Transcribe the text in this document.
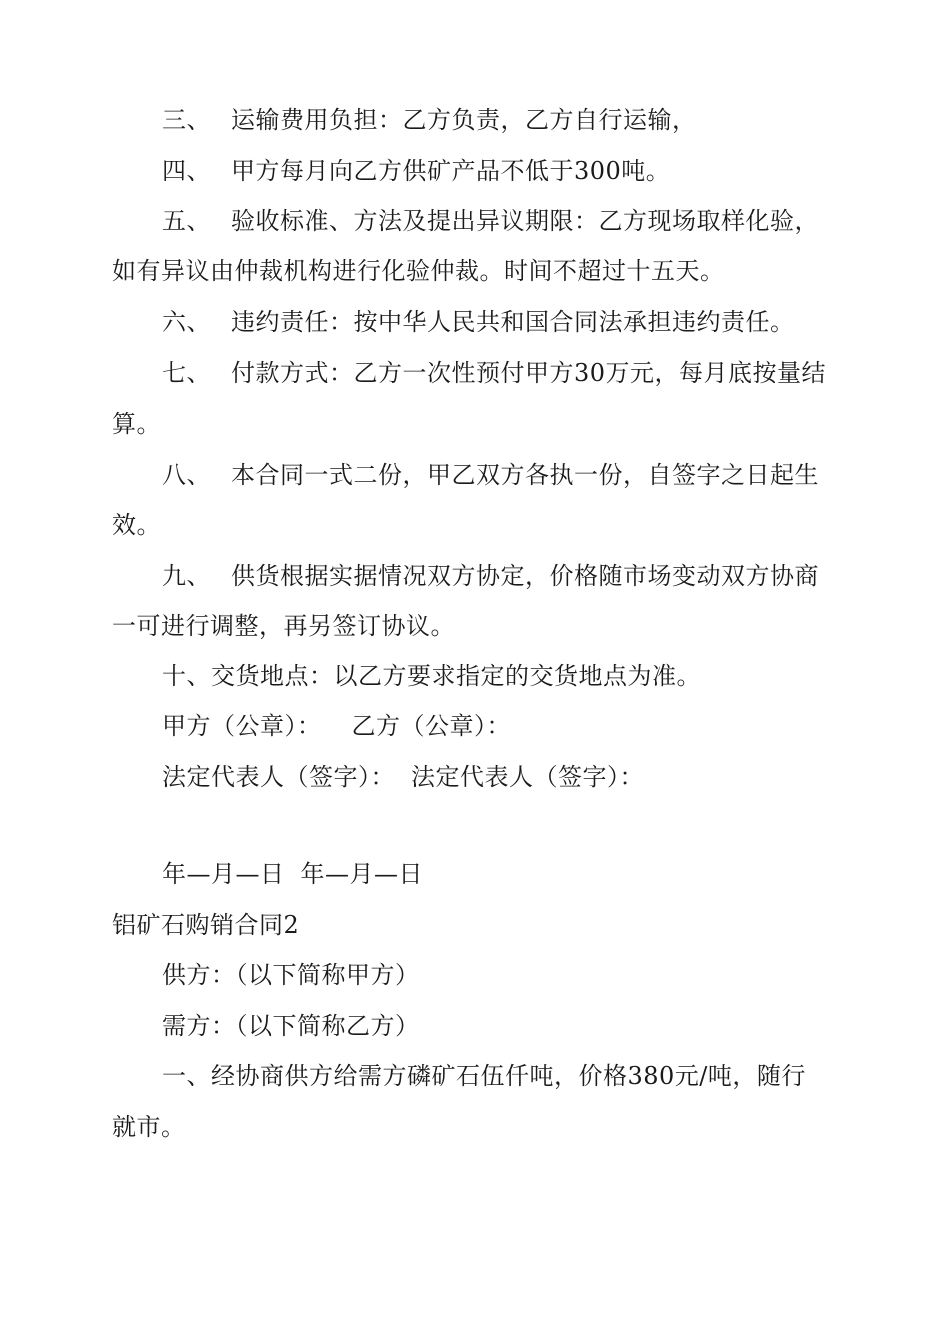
三、 运输费用负担：乙方负责，乙方自行运输，
四、 甲方每月向乙方供矿产品不低于300吨。
五、 验收标准、方法及提出异议期限：乙方现场取样化验，
如有异议由仲裁机构进行化验仲裁。时间不超过十五天。
六、 违约责任：按中华人民共和国合同法承担违约责任。
七、 付款方式：乙方一次性预付甲方30万元，每月底按量结
算。
八、 本合同一式二份，甲乙双方各执一份，自签字之日起生
效。
九、 供货根据实据情况双方协定，价格随市场变动双方协商
一可进行调整，再另签订协议。
十、交货地点：以乙方要求指定的交货地点为准。
甲方（公章）： 乙方（公章）：
法定代表人（签字）： 法定代表人（签字）：
年—月—日 年—月—日
铝矿石购销合同2
供方：（以下简称甲方）
需方：（以下简称乙方）
一、经协商供方给需方磷矿石伍仟吨，价格380元/吨，随行
就市。
